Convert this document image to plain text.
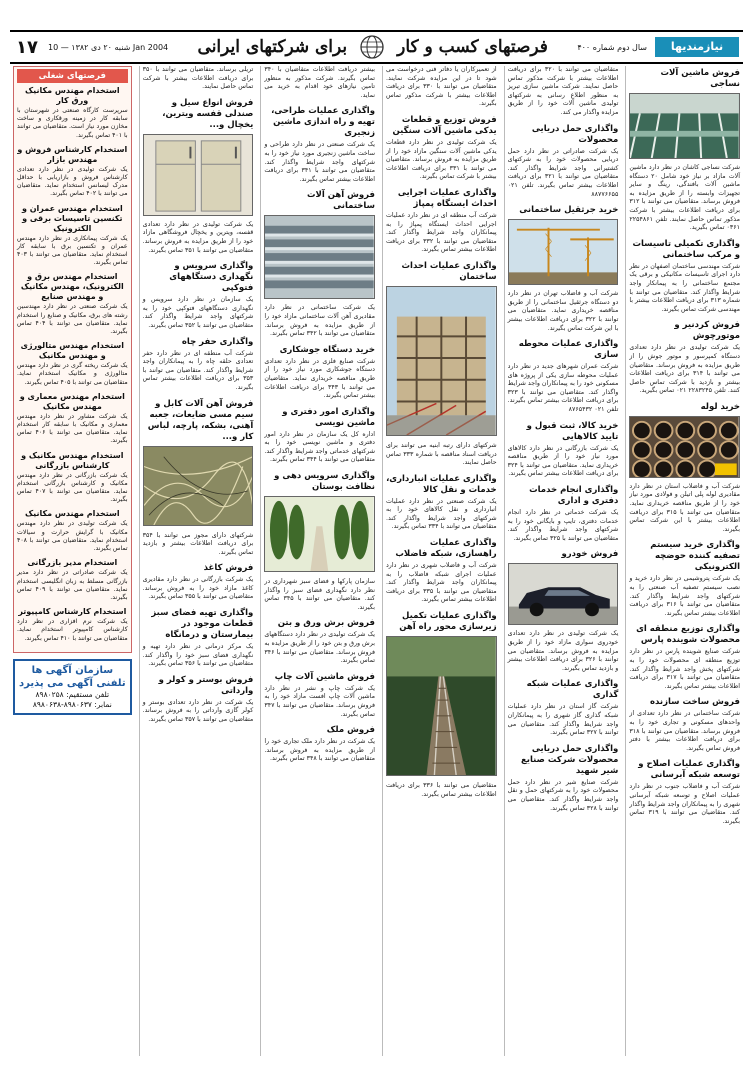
نیازمندیها
سال دوم شماره ۴۰۰
فرصتهای کسب و کار
برای شرکتهای ایرانی
شنبه ۲۰ دی ۱۳۸۲ — 10 Jan 2004
۱۷
فروش ماشین آلات نساجی

شرکت نساجی کاشان در نظر دارد ماشین آلات مازاد بر نیاز خود شامل ۲۰ دستگاه ماشین آلات بافندگی، رینگ و سایر تجهیزات وابسته را از طریق مزایده به فروش برساند. متقاضیان می توانند با ۳۱۲ برای دریافت اطلاعات بیشتر با شرکت مذکور تماس حاصل نمایند. تلفن ۲۲۵۴۸۶۱ ۰۳۶۱ تماس بگیرید.

واگذاری تکمیلی تاسیسات و مرکب ساختمانی

شرکت مهندسی ساختمان اصفهان در نظر دارد اجرای تاسیسات مکانیکی و برقی یک مجتمع ساختمانی را به پیمانکار واجد شرایط واگذار کند. متقاضیان می توانند با شماره ۳۱۳ برای دریافت اطلاعات بیشتر با مهندسی شرکت تماس بگیرند.

فروش کردنیر و موتورچوش

یک شرکت تولیدی در نظر دارد تعدادی دستگاه کمپرسور و موتور جوش را از طریق مزایده به فروش برساند. متقاضیان می توانند با ۳۱۴ برای دریافت اطلاعات بیشتر و بازدید با شرکت تماس حاصل کنند. تلفن ۲۲۸۳۲۴۵ ۰۲۱ تماس بگیرید.

خرید لوله

شرکت آب و فاضلاب استان در نظر دارد مقادیری لوله پلی اتیلن و فولادی مورد نیاز خود را از طریق مناقصه خریداری نماید. متقاضیان می توانند با ۳۱۵ برای دریافت اطلاعات بیشتر با این شرکت تماس بگیرند.

واگذاری خرید سیستم تصفیه کننده حوضچه الکترونیکی

یک شرکت پتروشیمی در نظر دارد خرید و نصب سیستم تصفیه آب صنعتی را به شرکتهای واجد شرایط واگذار کند. متقاضیان می توانند با ۳۱۶ برای دریافت اطلاعات بیشتر تماس بگیرند.

واگذاری توزیع منطقه ای محصولات شوینده پارس

شرکت صنایع شوینده پارس در نظر دارد توزیع منطقه ای محصولات خود را به شرکتهای پخش واجد شرایط واگذار کند. متقاضیان می توانند با ۳۱۷ برای دریافت اطلاعات بیشتر تماس بگیرند.

فروش ساخت سازنده

شرکت ساختمانی در نظر دارد تعدادی از واحدهای مسکونی و تجاری خود را به فروش برساند. متقاضیان می توانند با ۳۱۸ برای دریافت اطلاعات بیشتر با دفتر فروش تماس بگیرند.

واگذاری عملیات اصلاح و توسعه شبکه آبرسانی

شرکت آب و فاضلاب جنوب در نظر دارد عملیات اصلاح و توسعه شبکه آبرسانی شهری را به پیمانکاران واجد شرایط واگذار کند. متقاضیان می توانند با ۳۱۹ تماس بگیرند.

متقاضیان می توانند با ۳۲۰ برای دریافت اطلاعات بیشتر با شرکت مذکور تماس حاصل نمایند. شرکت ماشین سازی تبریز به منظور اطلاع رسانی به شرکتهای تولیدی ماشین آلات خود را از طریق مزایده واگذار می کند.

واگذاری حمل دریایی محصولات

یک شرکت صادراتی در نظر دارد حمل دریایی محصولات خود را به شرکتهای کشتیرانی واجد شرایط واگذار کند. متقاضیان می توانند با ۳۲۱ برای دریافت اطلاعات بیشتر تماس بگیرند. تلفن ۰۲۱ ۸۸۷۷۶۶۵۵

خرید جرثقیل ساختمانی

شرکت آب و فاضلاب تهران در نظر دارد دو دستگاه جرثقیل ساختمانی را از طریق مناقصه خریداری نماید. متقاضیان می توانند با ۳۲۲ برای دریافت اطلاعات بیشتر با این شرکت تماس بگیرند.

واگذاری عملیات محوطه سازی

شرکت عمران شهرهای جدید در نظر دارد عملیات محوطه سازی یکی از پروژه های مسکونی خود را به پیمانکاران واجد شرایط واگذار کند. متقاضیان می توانند با ۳۲۳ برای دریافت اطلاعات بیشتر تماس بگیرند. تلفن ۰۲۱ ۸۷۶۵۴۳۲

خرید کالا، ثبت قبول و تایید کالاهایی

یک شرکت بازرگانی در نظر دارد کالاهای مورد نیاز خود را از طریق مناقصه خریداری نماید. متقاضیان می توانند با ۳۲۴ برای دریافت اطلاعات بیشتر تماس بگیرند.

واگذاری انجام خدمات دفتری و اداری

یک شرکت خدماتی در نظر دارد انجام خدمات دفتری، تایپ و بایگانی خود را به شرکتهای واجد شرایط واگذار کند. متقاضیان می توانند با ۳۲۵ تماس بگیرند.

فروش خودرو

یک شرکت تولیدی در نظر دارد تعدادی خودروی سواری مازاد خود را از طریق مزایده به فروش برساند. متقاضیان می توانند با ۳۲۶ برای دریافت اطلاعات بیشتر و بازدید تماس بگیرند.

واگذاری عملیات شبکه گذاری

شرکت گاز استان در نظر دارد عملیات شبکه گذاری گاز شهری را به پیمانکاران واجد شرایط واگذار کند. متقاضیان می توانند با ۳۲۷ تماس بگیرند.

واگذاری حمل دریایی محصولات شرکت صنایع شیر شهید

شرکت صنایع شیر در نظر دارد حمل محصولات خود را به شرکتهای حمل و نقل واجد شرایط واگذار کند. متقاضیان می توانند با ۳۲۸ تماس بگیرند.

از تعمیرکاران یا دفاتر فنی درخواست می شود تا در این مزایده شرکت نمایند. متقاضیان می توانند با ۳۳۰ برای دریافت اطلاعات بیشتر با شرکت مذکور تماس بگیرند.

فروش توزیع و قطعات یدکی ماشین آلات سنگین

یک شرکت تولیدی در نظر دارد قطعات یدکی ماشین آلات سنگین مازاد خود را از طریق مزایده به فروش برساند. متقاضیان می توانند با ۳۳۱ برای دریافت اطلاعات بیشتر با شرکت تماس بگیرند.

واگذاری عملیات اجرایی احداث ایستگاه پمپاژ

شرکت آب منطقه ای در نظر دارد عملیات اجرایی احداث ایستگاه پمپاژ را به پیمانکاران واجد شرایط واگذار کند. متقاضیان می توانند با ۳۳۲ برای دریافت اطلاعات بیشتر تماس بگیرند.

واگذاری عملیات احداث ساختمان

شرکتهای دارای رتبه ابنیه می توانند برای دریافت اسناد مناقصه با شماره ۳۳۳ تماس حاصل نمایند.

واگذاری عملیات انبارداری، خدمات و نقل کالا

یک شرکت صنعتی در نظر دارد عملیات انبارداری و نقل کالاهای خود را به شرکتهای واجد شرایط واگذار کند. متقاضیان می توانند با ۳۳۴ تماس بگیرند.

واگذاری عملیات راهسازی، شبکه فاضلاب

شرکت آب و فاضلاب شهری در نظر دارد عملیات اجرای شبکه فاضلاب را به پیمانکاران واجد شرایط واگذار کند. متقاضیان می توانند با ۳۳۵ برای دریافت اطلاعات بیشتر تماس بگیرند.

واگذاری عملیات تکمیل زیرسازی محور راه آهن

متقاضیان می توانند با ۳۳۶ برای دریافت اطلاعات بیشتر تماس بگیرند.

بیشتر دریافت اطلاعات متقاضیان با ۳۴۰ تماس بگیرند. شرکت مذکور به منظور تامین نیازهای خود اقدام به خرید می نماید.

واگذاری عملیات طراحی، تهیه و راه اندازی ماشین زنجیری

یک شرکت صنعتی در نظر دارد طراحی و ساخت ماشین زنجیری مورد نیاز خود را به شرکتهای واجد شرایط واگذار کند. متقاضیان می توانند با ۳۴۱ برای دریافت اطلاعات بیشتر تماس بگیرند.

فروش آهن آلات ساختمانی

یک شرکت ساختمانی در نظر دارد مقادیری آهن آلات ساختمانی مازاد خود را از طریق مزایده به فروش برساند. متقاضیان می توانند با ۳۴۲ تماس بگیرند.

خرید دستگاه جوشکاری

شرکت صنایع فلزی در نظر دارد تعدادی دستگاه جوشکاری مورد نیاز خود را از طریق مناقصه خریداری نماید. متقاضیان می توانند با ۳۴۳ برای دریافت اطلاعات بیشتر تماس بگیرند.

واگذاری امور دفتری و ماشین نویسی

اداره کل یک سازمان در نظر دارد امور دفتری و ماشین نویسی خود را به شرکتهای خدماتی واجد شرایط واگذار کند. متقاضیان می توانند با ۳۴۴ تماس بگیرند.

واگذاری سرویس دهی و نظافت بوستان

سازمان پارکها و فضای سبز شهرداری در نظر دارد نگهداری فضای سبز را واگذار کند. متقاضیان می توانند با ۳۴۵ تماس بگیرند.

فروش برش ورق و بتن

یک شرکت تولیدی در نظر دارد دستگاههای برش ورق و بتن خود را از طریق مزایده به فروش برساند. متقاضیان می توانند با ۳۴۶ تماس بگیرند.

فروش ماشین آلات چاپ

یک شرکت چاپ و نشر در نظر دارد ماشین آلات چاپ افست مازاد خود را به فروش برساند. متقاضیان می توانند با ۳۴۷ تماس بگیرند.

فروش ملک

یک شرکت در نظر دارد ملک تجاری خود را از طریق مزایده به فروش برساند. متقاضیان می توانند با ۳۴۸ تماس بگیرند.

تریلی برساند. متقاضیان می توانند با ۳۵۰ برای دریافت اطلاعات بیشتر با شرکت تماس حاصل نمایند.

فروش انواع سیل و صندلی قفسه ویترین، یخچال و...

یک شرکت تولیدی در نظر دارد تعدادی قفسه، ویترین و یخچال فروشگاهی مازاد خود را از طریق مزایده به فروش برساند. متقاضیان می توانند با ۳۵۱ تماس بگیرند.

واگذاری سرویس و نگهداری دستگاههای فتوکپی

یک سازمان در نظر دارد سرویس و نگهداری دستگاههای فتوکپی خود را به شرکتهای واجد شرایط واگذار کند. متقاضیان می توانند با ۳۵۲ تماس بگیرند.

واگذاری حفر چاه

شرکت آب منطقه ای در نظر دارد حفر تعدادی حلقه چاه را به پیمانکاران واجد شرایط واگذار کند. متقاضیان می توانند با ۳۵۳ برای دریافت اطلاعات بیشتر تماس بگیرند.

فروش آهن آلات کابل و سیم مسی ضایعات، جعبه آهنی، بشکه، پارچه، لباس کار و...

شرکتهای دارای مجوز می توانند با ۳۵۴ برای دریافت اطلاعات بیشتر و بازدید تماس بگیرند.

فروش کاغذ

یک شرکت بازرگانی در نظر دارد مقادیری کاغذ مازاد خود را به فروش برساند. متقاضیان می توانند با ۳۵۵ تماس بگیرند.

واگذاری تهیه فضای سبز قطعات موجود در بیمارستان و درمانگاه

یک مرکز درمانی در نظر دارد تهیه و نگهداری فضای سبز خود را واگذار کند. متقاضیان می توانند با ۳۵۶ تماس بگیرند.

فروش بوستر و کولر و وارداتی

یک شرکت در نظر دارد تعدادی بوستر و کولر گازی وارداتی را به فروش برساند. متقاضیان می توانند با ۳۵۷ تماس بگیرند.

فرصتهای شغلی
استخدام مهندس مکانیک ورق کار

سرپرست کارگاه صنعتی در شهرستان با سابقه کار در زمینه ورقکاری و ساخت مخازن مورد نیاز است. متقاضیان می توانند با ۴۰۱ تماس بگیرند.

استخدام کارشناس فروش و مهندس بازار

یک شرکت تولیدی در نظر دارد تعدادی کارشناس فروش و بازاریابی با حداقل مدرک لیسانس استخدام نماید. متقاضیان می توانند با ۴۰۲ تماس بگیرند.

استخدام مهندس عمران و تکنسین تاسیسات برقی و الکترونیک

یک شرکت پیمانکاری در نظر دارد مهندس عمران و تکنسین برق با سابقه کار استخدام نماید. متقاضیان می توانند با ۴۰۳ تماس بگیرند.

استخدام مهندس برق و الکترونیک، مهندس مکانیک و مهندس صنایع

یک شرکت صنعتی در نظر دارد مهندسین رشته های برق، مکانیک و صنایع را استخدام نماید. متقاضیان می توانند با ۴۰۴ تماس بگیرند.

استخدام مهندس متالورژی و مهندس مکانیک

یک شرکت ریخته گری در نظر دارد مهندس متالورژی و مکانیک استخدام نماید. متقاضیان می توانند با ۴۰۵ تماس بگیرند.

استخدام مهندس معماری و مهندس مکانیک

یک شرکت مشاور در نظر دارد مهندس معماری و مکانیک با سابقه کار استخدام نماید. متقاضیان می توانند با ۴۰۶ تماس بگیرند.

استخدام مهندس مکانیک و کارشناس بازرگانی

یک شرکت بازرگانی در نظر دارد مهندس مکانیک و کارشناس بازرگانی استخدام نماید. متقاضیان می توانند با ۴۰۷ تماس بگیرند.

استخدام مهندس مکانیک

یک شرکت تولیدی در نظر دارد مهندس مکانیک با گرایش حرارت و سیالات استخدام نماید. متقاضیان می توانند با ۴۰۸ تماس بگیرند.

استخدام مدیر بازرگانی

یک شرکت صادراتی در نظر دارد مدیر بازرگانی مسلط به زبان انگلیسی استخدام نماید. متقاضیان می توانند با ۴۰۹ تماس بگیرند.

استخدام کارشناس کامپیوتر

یک شرکت نرم افزاری در نظر دارد کارشناس کامپیوتر استخدام نماید. متقاضیان می توانند با ۴۱۰ تماس بگیرند.

سازمان آگهی ها تلفنی آگهی می پذیرد
تلفن مستقیم: ۸۹۸۰۲۵۸
نمابر: ۸۹۸۰۶۳۷-۸۹۸۰۶۳۸
